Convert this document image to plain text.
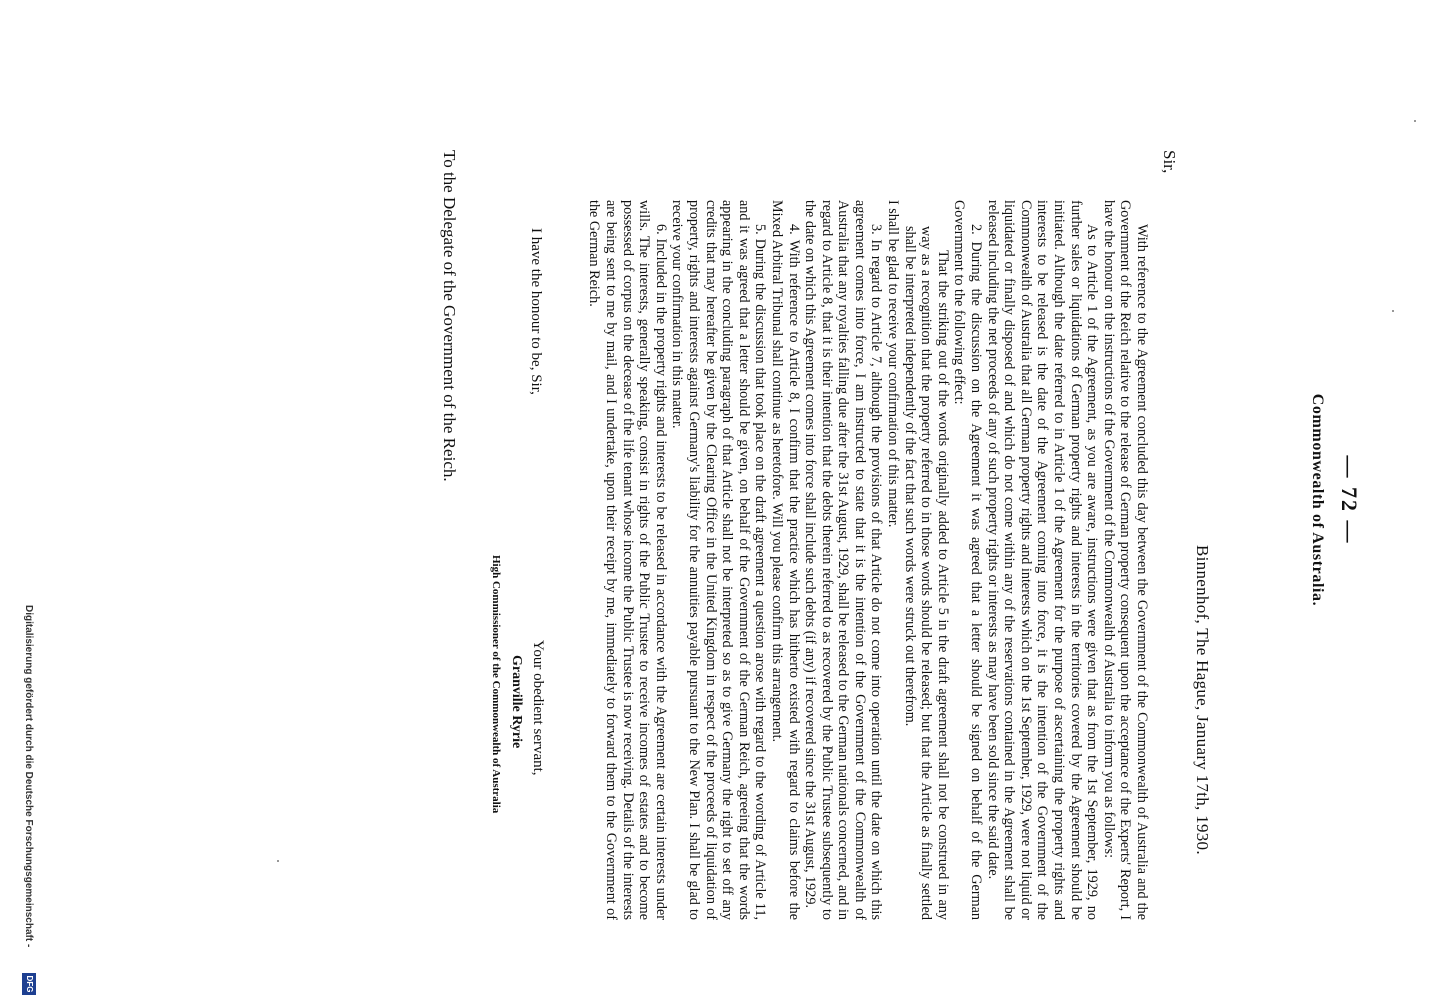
— 72 —
Commonwealth of Australia.
Binnenhof, The Hague, January 17th, 1930.
Sir,

With reference to the Agreement concluded this day between the Government of the Commonwealth of Australia and the Government of the Reich relative to the release of German property consequent upon the acceptance of the Experts' Report, I have the honour on the instructions of the Government of the Commonwealth of Australia to inform you as follows:

As to Article 1 of the Agreement, as you are aware, instructions were given that as from the 1st September, 1929, no further sales or liquidations of German property rights and interests in the territories covered by the Agreement should be initiated. Although the date referred to in Article 1 of the Agreement for the purpose of ascertaining the property rights and interests to be released is the date of the Agreement coming into force, it is the intention of the Government of the Commonwealth of Australia that all German property rights and interests which on the 1st September, 1929, were not liquid or liquidated or finally disposed of and which do not come within any of the reservations contained in the Agreement shall be released including the net proceeds of any of such property rights or interests as may have been sold since the said date.

2. During the discussion on the Agreement it was agreed that a letter should be signed on behalf of the German Government to the following effect:

That the striking out of the words originally added to Article 5 in the draft agreement shall not be construed in any way as a recognition that the property referred to in those words should be released; but that the Article as finally settled shall be interpreted independently of the fact that such words were struck out therefrom.

I shall be glad to receive your confirmation of this matter.

3. In regard to Article 7, although the provisions of that Article do not come into operation until the date on which this agreement comes into force, I am instructed to state that it is the intention of the Government of the Commonwealth of Australia that any royalties falling due after the 31st August, 1929, shall be released to the German nationals concerned, and in regard to Article 8, that it is their intention that the debts therein referred to as recovered by the Public Trustee subsequently to the date on which this Agreement comes into force shall include such debts (if any) if recovered since the 31st August, 1929.

4. With reference to Article 8, I confirm that the practice which has hitherto existed with regard to claims before the Mixed Arbitral Tribunal shall continue as heretofore. Will you please confirm this arrangement.

5. During the discussion that took place on the draft agreement a question arose with regard to the wording of Article 11, and it was agreed that a letter should be given, on behalf of the Government of the German Reich, agreeing that the words appearing in the concluding paragraph of that Article shall not be interpreted so as to give Germany the right to set off any credits that may hereafter be given by the Clearing Office in the United Kingdom in respect of the proceeds of liquidation of property, rights and interests against Germany's liability for the annuities payable pursuant to the New Plan. I shall be glad to receive your confirmation in this matter.

6. Included in the property rights and interests to be released in accordance with the Agreement are certain interests under wills. The interests, generally speaking, consist in rights of the Public Trustee to receive incomes of estates and to become possessed of corpus on the decease of the life tenant whose income the Public Trustee is now receiving. Details of the interests are being sent to me by mail, and I undertake, upon their receipt by me, immediately to forward them to the Government of the German Reich.

I have the honour to be, Sir,
Your obedient servant,
Granville Ryrie
High Commissioner of the Commonwealth of Australia
To the Delegate of the Government of the Reich.
Digitalisierung gefördert durch die Deutsche Forschungsgemeinschaft -
DFG
